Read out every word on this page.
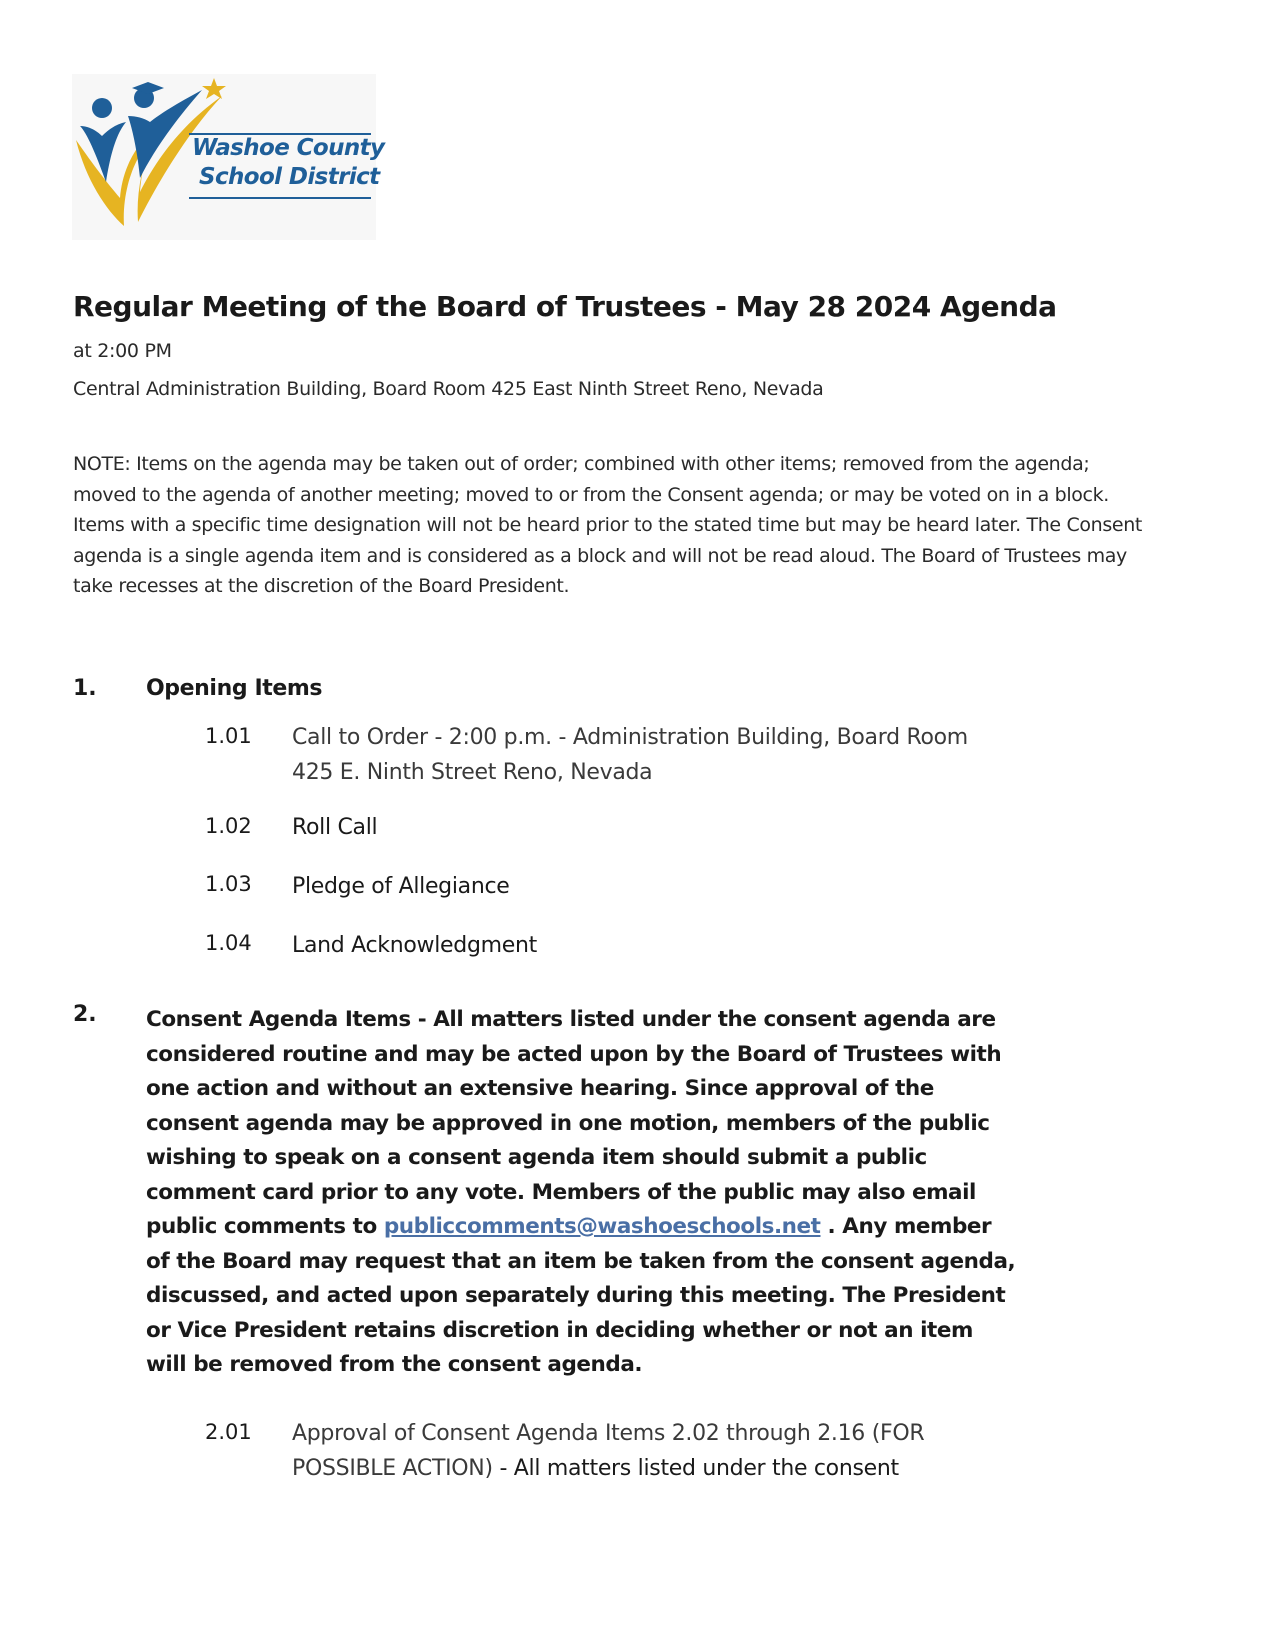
Washoe County
School District
Regular Meeting of the Board of Trustees - May 28 2024 Agenda
at 2:00 PM
Central Administration Building, Board Room 425 East Ninth Street Reno, Nevada

NOTE: Items on the agenda may be taken out of order; combined with other items; removed from the agenda; moved to the agenda of another meeting; moved to or from the Consent agenda; or may be voted on in a block. Items with a specific time designation will not be heard prior to the stated time but may be heard later. The Consent agenda is a single agenda item and is considered as a block and will not be read aloud. The Board of Trustees may take recesses at the discretion of the Board President.

1. Opening Items
1.01 Call to Order - 2:00 p.m. - Administration Building, Board Room 425 E. Ninth Street Reno, Nevada
1.02 Roll Call
1.03 Pledge of Allegiance
1.04 Land Acknowledgment
2. Consent Agenda Items - All matters listed under the consent agenda are considered routine and may be acted upon by the Board of Trustees with one action and without an extensive hearing. Since approval of the consent agenda may be approved in one motion, members of the public wishing to speak on a consent agenda item should submit a public comment card prior to any vote. Members of the public may also email public comments to publiccomments@washoeschools.net . Any member of the Board may request that an item be taken from the consent agenda, discussed, and acted upon separately during this meeting. The President or Vice President retains discretion in deciding whether or not an item will be removed from the consent agenda.

2.01 Approval of Consent Agenda Items 2.02 through 2.16 (FOR POSSIBLE ACTION) - All matters listed under the consent
